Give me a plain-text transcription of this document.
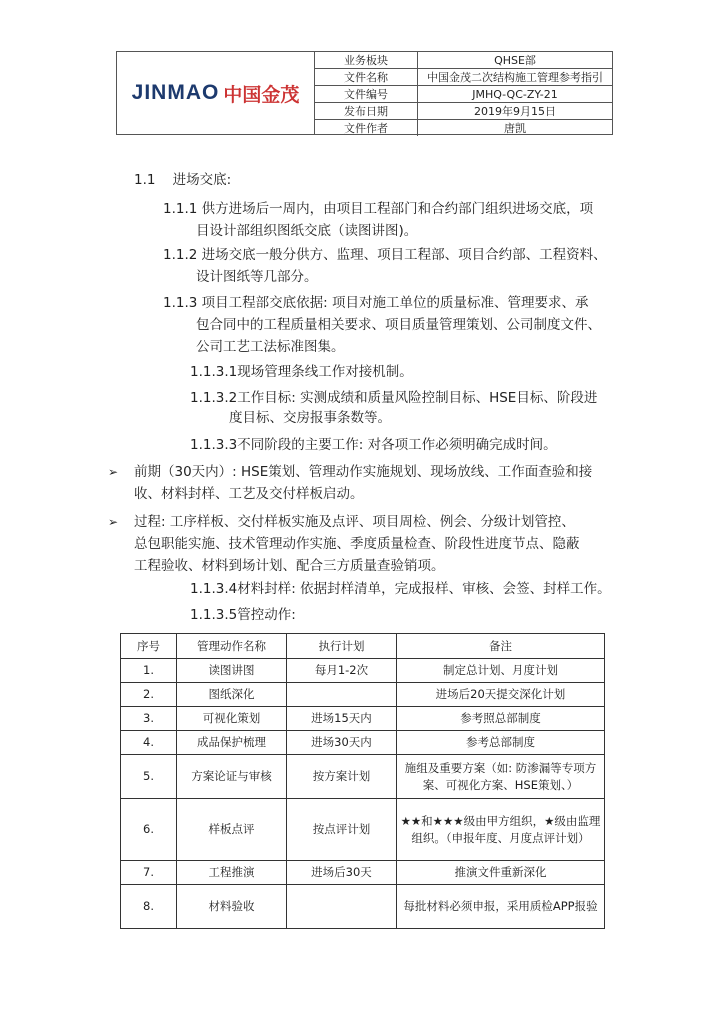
JINMAO 中国金茂
业务板块	QHSE部
文件名称	中国金茂二次结构施工管理参考指引
文件编号	JMHQ-QC-ZY-21
发布日期	2019年9月15日
文件作者	唐凯
1.1 进场交底:
1.1.1 供方进场后一周内，由项目工程部门和合约部门组织进场交底，项
目设计部组织图纸交底（读图讲图)。
1.1.2 进场交底一般分供方、监理、项目工程部、项目合约部、工程资料、
设计图纸等几部分。
1.1.3 项目工程部交底依据: 项目对施工单位的质量标准、管理要求、承
包合同中的工程质量相关要求、项目质量管理策划、公司制度文件、
公司工艺工法标准图集。
1.1.3.1现场管理条线工作对接机制。
1.1.3.2工作目标: 实测成绩和质量风险控制目标、HSE目标、阶段进
度目标、交房报事条数等。
1.1.3.3不同阶段的主要工作: 对各项工作必须明确完成时间。
➢ 前期（30天内）: HSE策划、管理动作实施规划、现场放线、工作面查验和接
收、材料封样、工艺及交付样板启动。
➢ 过程: 工序样板、交付样板实施及点评、项目周检、例会、分级计划管控、
总包职能实施、技术管理动作实施、季度质量检查、阶段性进度节点、隐蔽
工程验收、材料到场计划、配合三方质量查验销项。
1.1.3.4材料封样: 依据封样清单，完成报样、审核、会签、封样工作。
1.1.3.5管控动作:
序号	管理动作名称	执行计划	备注
1.	读图讲图	每月1-2次	制定总计划、月度计划
2.	图纸深化		进场后20天提交深化计划
3.	可视化策划	进场15天内	参考照总部制度
4.	成品保护梳理	进场30天内	参考总部制度
5.	方案论证与审核	按方案计划	施组及重要方案（如: 防渗漏等专项方案、可视化方案、HSE策划、）
6.	样板点评	按点评计划	★★和★★★级由甲方组织，★级由监理组织。（申报年度、月度点评计划）
7.	工程推演	进场后30天	推演文件重新深化
8.	材料验收		每批材料必须申报，采用质检APP报验
